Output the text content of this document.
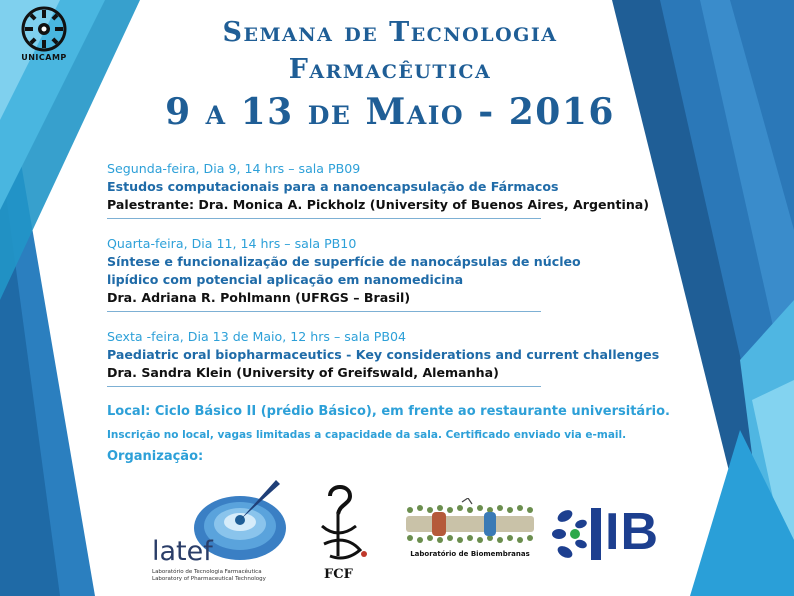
UNICAMP
Semana de Tecnologia
Farmacêutica
9 a 13 de Maio - 2016
Segunda-feira, Dia 9, 14 hrs – sala PB09
Estudos computacionais para a nanoencapsulação de Fármacos
Palestrante: Dra. Monica A. Pickholz (University of Buenos Aires, Argentina)
Quarta-feira, Dia 11, 14 hrs – sala PB10
Síntese e funcionalização de superfície de nanocápsulas de núcleo
lipídico com potencial aplicação em nanomedicina
Dra. Adriana R. Pohlmann (UFRGS – Brasil)
Sexta -feira, Dia 13 de Maio, 12 hrs – sala PB04
Paediatric oral biopharmaceutics - Key considerations and current challenges
Dra. Sandra Klein (University of Greifswald, Alemanha)
Local: Ciclo Básico II (prédio Básico), em frente ao restaurante universitário.
Inscrição no local, vagas limitadas a capacidade da sala. Certificado enviado via e-mail.
Organização:
latef
Laboratório de Tecnologia Farmacêutica
Laboratory of Pharmaceutical Technology	FCF
Laboratório de Biomembranas IB
